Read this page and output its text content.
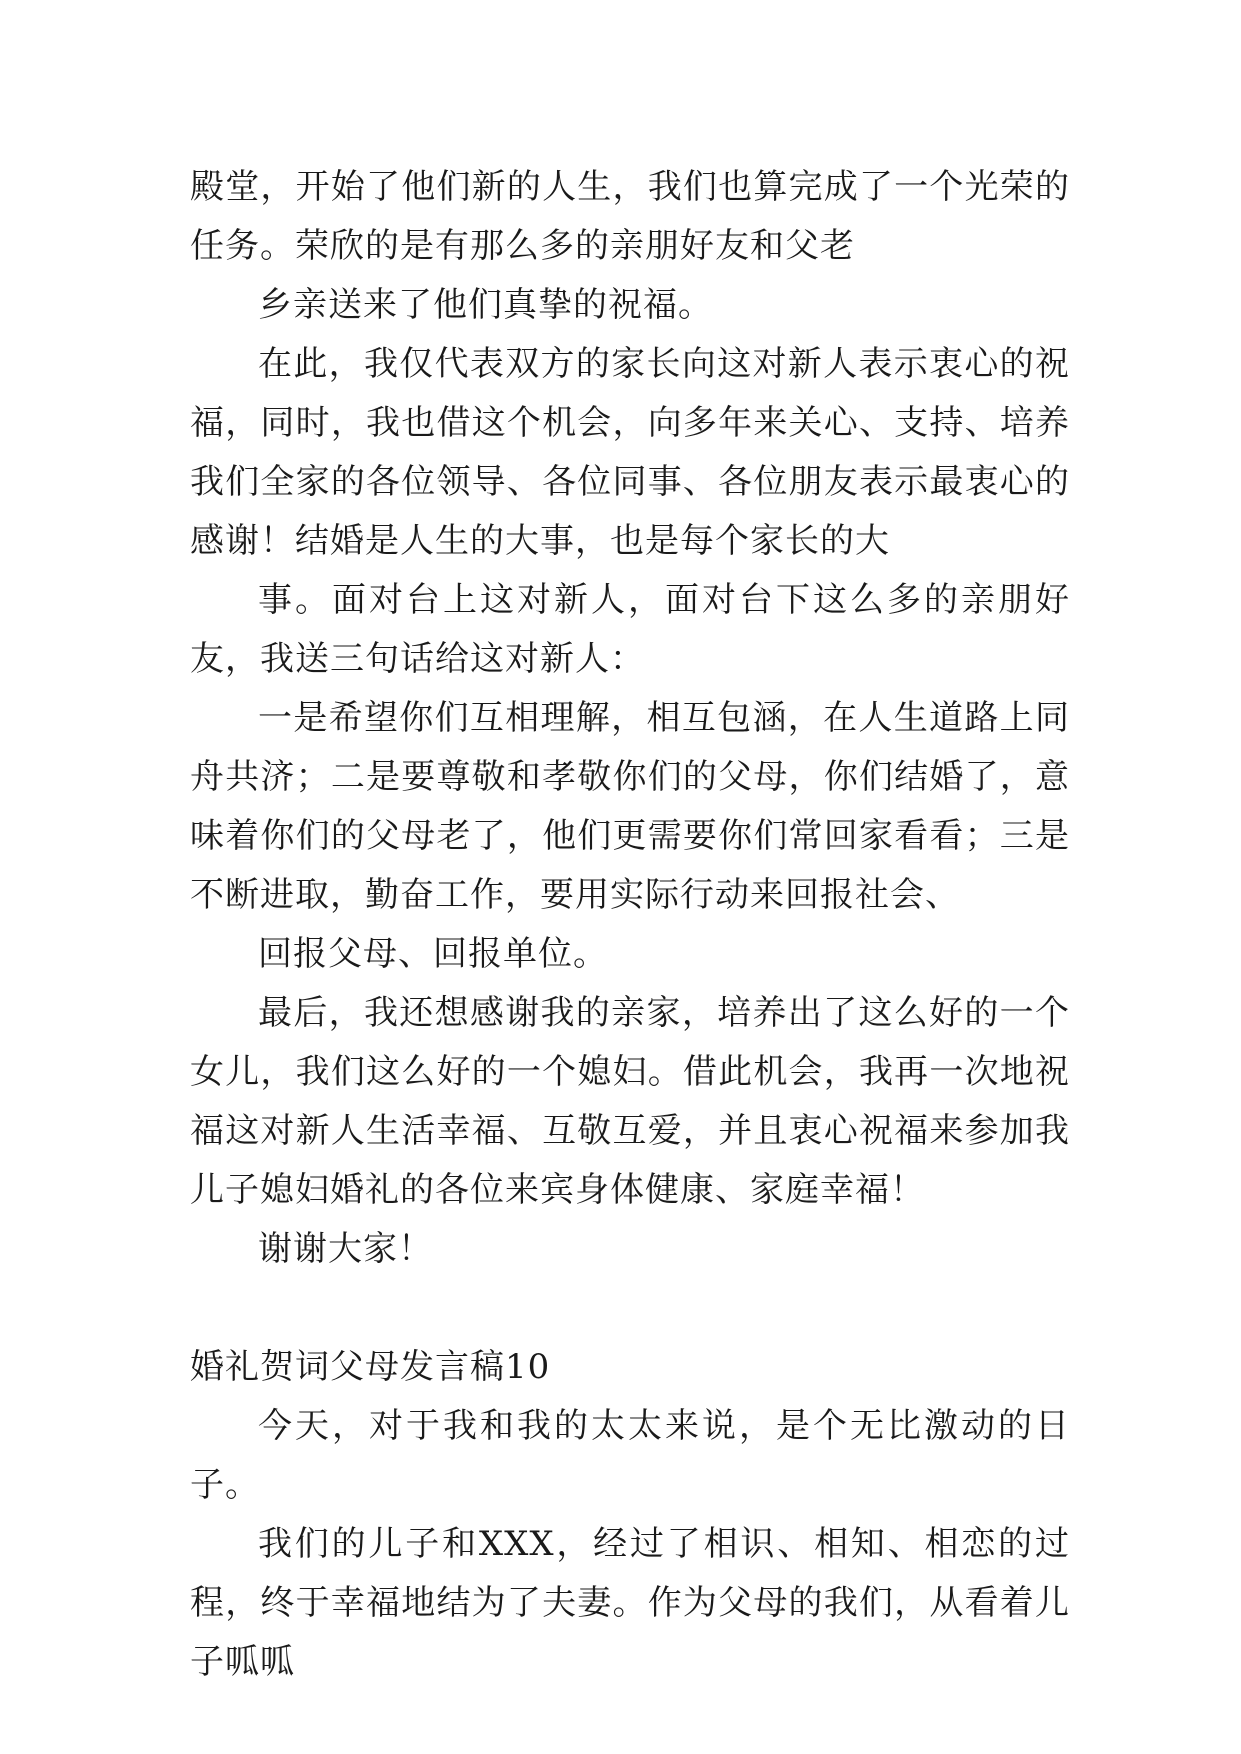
殿堂，开始了他们新的人生，我们也算完成了一个光荣的任务。荣欣的是有那么多的亲朋好友和父老

乡亲送来了他们真挚的祝福。

在此，我仅代表双方的家长向这对新人表示衷心的祝福，同时，我也借这个机会，向多年来关心、支持、培养我们全家的各位领导、各位同事、各位朋友表示最衷心的感谢！结婚是人生的大事，也是每个家长的大

事。面对台上这对新人，面对台下这么多的亲朋好友，我送三句话给这对新人：

一是希望你们互相理解，相互包涵，在人生道路上同舟共济；二是要尊敬和孝敬你们的父母，你们结婚了，意味着你们的父母老了，他们更需要你们常回家看看；三是不断进取，勤奋工作，要用实际行动来回报社会、

回报父母、回报单位。

最后，我还想感谢我的亲家，培养出了这么好的一个女儿，我们这么好的一个媳妇。借此机会，我再一次地祝福这对新人生活幸福、互敬互爱，并且衷心祝福来参加我儿子媳妇婚礼的各位来宾身体健康、家庭幸福！

谢谢大家！

婚礼贺词父母发言稿10

今天，对于我和我的太太来说，是个无比激动的日子。

我们的儿子和XXX，经过了相识、相知、相恋的过程，终于幸福地结为了夫妻。作为父母的我们，从看着儿子呱呱
